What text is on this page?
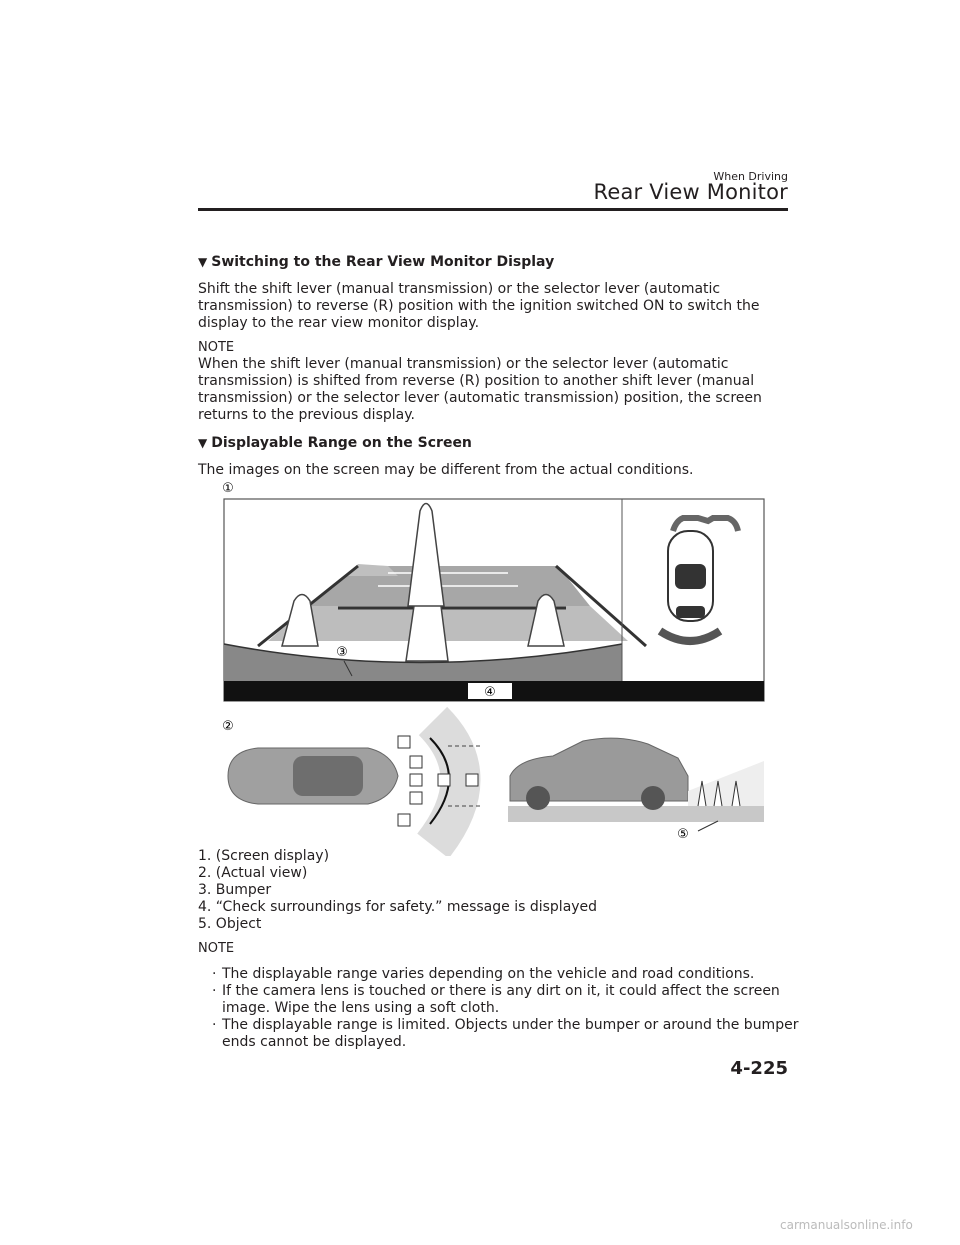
When Driving
Rear View Monitor
▼ Switching to the Rear View Monitor Display
Shift the shift lever (manual transmission) or the selector lever (automatic
transmission) to reverse (R) position with the ignition switched ON to switch the
display to the rear view monitor display.
NOTE
When the shift lever (manual transmission) or the selector lever (automatic
transmission) is shifted from reverse (R) position to another shift lever (manual
transmission) or the selector lever (automatic transmission) position, the screen
returns to the previous display.
▼ Displayable Range on the Screen
The images on the screen may be different from the actual conditions.
①
③
④
②
⑤
1. (Screen display)
2. (Actual view)
3. Bumper
4. “Check surroundings for safety.” message is displayed
5. Object
NOTE
· The displayable range varies depending on the vehicle and road conditions.
· If the camera lens is touched or there is any dirt on it, it could affect the screen
image. Wipe the lens using a soft cloth.
· The displayable range is limited. Objects under the bumper or around the bumper
ends cannot be displayed.
4-225
carmanualsonline.info
